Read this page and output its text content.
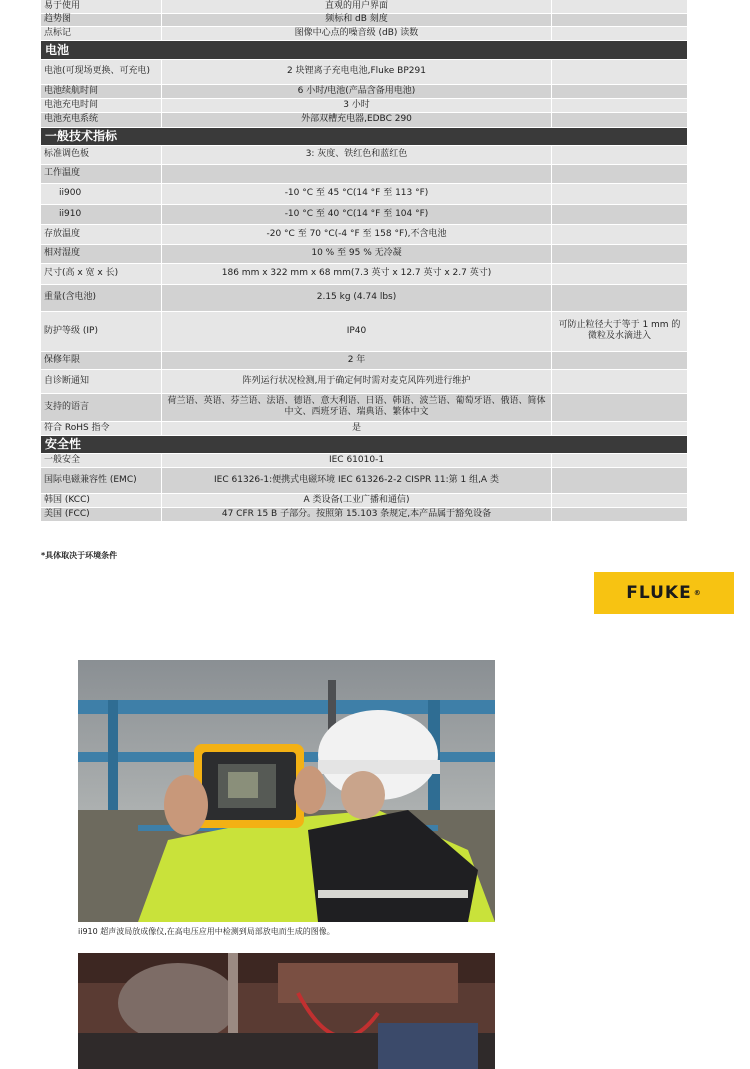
易于使用	直观的用户界面	
趋势图	频标和 dB 刻度	
点标记	图像中心点的噪音级 (dB) 读数	
电池		
电池(可现场更换、可充电)	2 块锂离子充电电池,Fluke BP291	
电池续航时间	6 小时/电池(产品含备用电池)	
电池充电时间	3 小时	
电池充电系统	外部双槽充电器,EDBC 290	
一般技术指标		
标准调色板	3: 灰度、铁红色和蓝红色	
工作温度		
ii900	-10 °C 至 45 °C(14 °F 至 113 °F)	
ii910	-10 °C 至 40 °C(14 °F 至 104 °F)	
存放温度	-20 °C 至 70 °C(-4 °F 至 158 °F),不含电池	
相对湿度	10 % 至 95 % 无冷凝	
尺寸(高 x 宽 x 长)	186 mm x 322 mm x 68 mm(7.3 英寸 x 12.7 英寸 x 2.7 英寸)	
重量(含电池)	2.15 kg (4.74 lbs)	
防护等级 (IP)	IP40	可防止粒径大于等于 1 mm 的微粒及水滴进入
保修年限	2 年	
自诊断通知	阵列运行状况检测,用于确定何时需对麦克风阵列进行维护	
支持的语言	荷兰语、英语、芬兰语、法语、德语、意大利语、日语、韩语、波兰语、葡萄牙语、俄语、简体中文、西班牙语、瑞典语、繁体中文	
符合 RoHS 指令	是	
安全性		
一般安全	IEC 61010-1	
国际电磁兼容性 (EMC)	IEC 61326-1:便携式电磁环境 IEC 61326-2-2 CISPR 11:第 1 组,A 类	
韩国 (KCC)	A 类设备(工业广播和通信)	
美国 (FCC)	47 CFR 15 B 子部分。按照第 15.103 条规定,本产品属于豁免设备	
*具体取决于环境条件
FLUKE ®
ii910 超声波局放成像仪,在高电压应用中检测到局部放电而生成的图像。
